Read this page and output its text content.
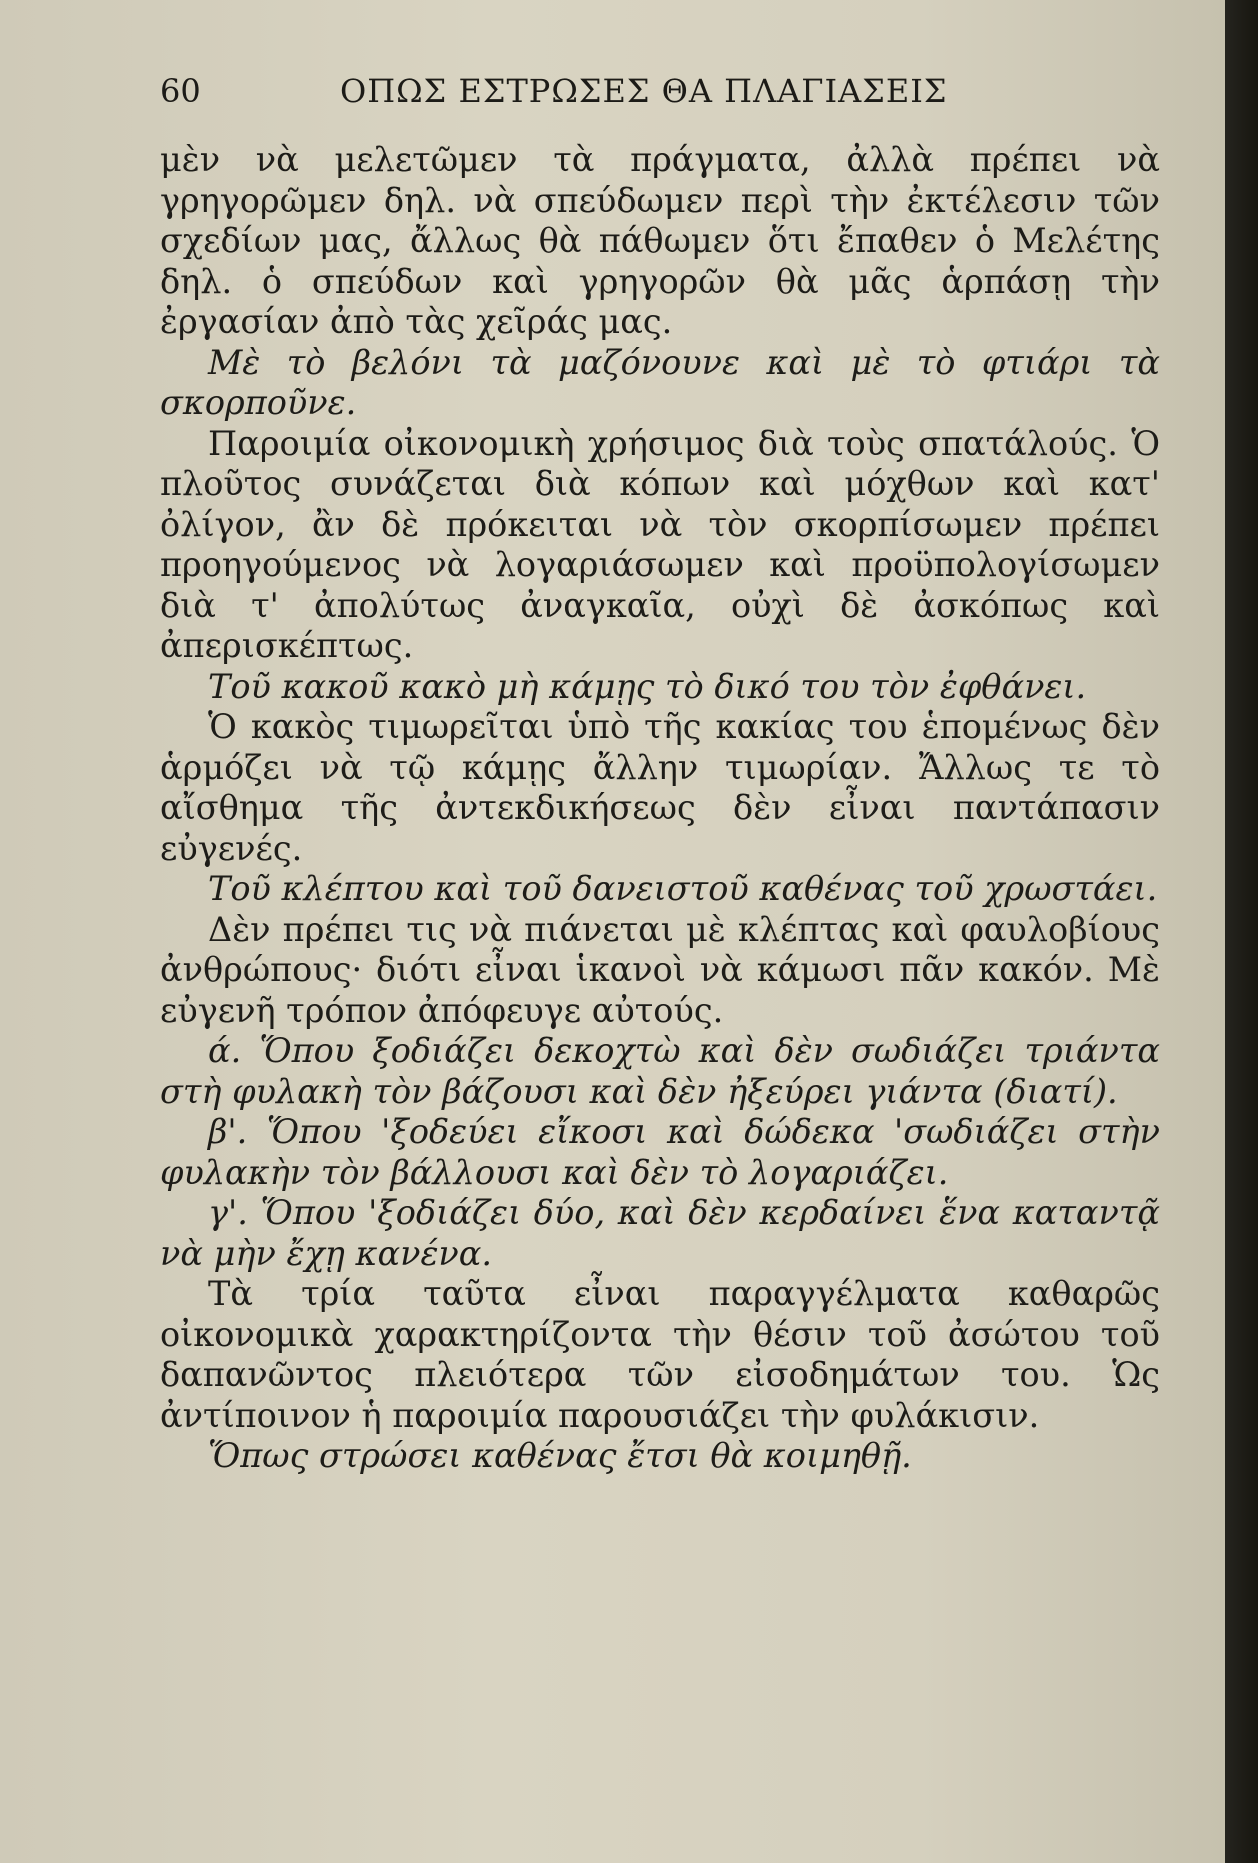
60	ΟΠΩΣ ΕΣΤΡΩΣΕΣ ΘΑ ΠΛΑΓΙΑΣΕΙΣ

μὲν νὰ μελετῶμεν τὰ πράγματα, ἀλλὰ πρέπει νὰ γρηγορῶμεν δηλ. νὰ σπεύδωμεν περὶ τὴν ἐκτέλεσιν τῶν σχεδίων μας, ἄλλως θὰ πάθωμεν ὅτι ἔπαθεν ὁ Μελέτης δηλ. ὁ σπεύδων καὶ γρηγορῶν θὰ μᾶς ἁρπάσῃ τὴν ἐργασίαν ἀπὸ τὰς χεῖράς μας.

Μὲ τὸ βελόνι τὰ μαζόνουνε καὶ μὲ τὸ φτιάρι τὰ σκορποῦνε.

Παροιμία οἰκονομικὴ χρήσιμος διὰ τοὺς σπατάλούς. Ὁ πλοῦτος συνάζεται διὰ κόπων καὶ μόχθων καὶ κατ' ὀλίγον, ἂν δὲ πρόκειται νὰ τὸν σκορπίσωμεν πρέπει προηγούμενος νὰ λογαριάσωμεν καὶ προϋπολογίσωμεν διὰ τ' ἀπολύτως ἀναγκαῖα, οὐχὶ δὲ ἀσκόπως καὶ ἀπερισκέπτως.

Τοῦ κακοῦ κακὸ μὴ κάμῃς τὸ δικό του τὸν ἐφθάνει.

Ὁ κακὸς τιμωρεῖται ὑπὸ τῆς κακίας του ἑπομένως δὲν ἁρμόζει νὰ τῷ κάμῃς ἄλλην τιμωρίαν. Ἄλλως τε τὸ αἴσθημα τῆς ἀντεκδικήσεως δὲν εἶναι παντάπασιν εὐγενές.

Τοῦ κλέπτου καὶ τοῦ δανειστοῦ καθένας τοῦ χρωστάει.

Δὲν πρέπει τις νὰ πιάνεται μὲ κλέπτας καὶ φαυλοβίους ἀνθρώπους· διότι εἶναι ἱκανοὶ νὰ κάμωσι πᾶν κακόν. Μὲ εὐγενῆ τρόπον ἀπόφευγε αὐτούς.

ά. Ὅπου ξοδιάζει δεκοχτὼ καὶ δὲν σωδιάζει τριάντα στὴ φυλακὴ τὸν βάζουσι καὶ δὲν ἠξεύρει γιάντα (διατί).

β'. Ὅπου 'ξοδεύει εἴκοσι καὶ δώδεκα 'σωδιάζει στὴν φυλακὴν τὸν βάλλουσι καὶ δὲν τὸ λογαριάζει.

γ'. Ὅπου 'ξοδιάζει δύο, καὶ δὲν κερδαίνει ἕνα καταντᾷ νὰ μὴν ἔχῃ κανένα.

Τὰ τρία ταῦτα εἶναι παραγγέλματα καθαρῶς οἰκονομικὰ χαρακτηρίζοντα τὴν θέσιν τοῦ ἀσώτου τοῦ δαπανῶντος πλειότερα τῶν εἰσοδημάτων του. Ὡς ἀντίποινον ἡ παροιμία παρουσιάζει τὴν φυλάκισιν.

Ὅπως στρώσει καθένας ἔτσι θὰ κοιμηθῇ.
